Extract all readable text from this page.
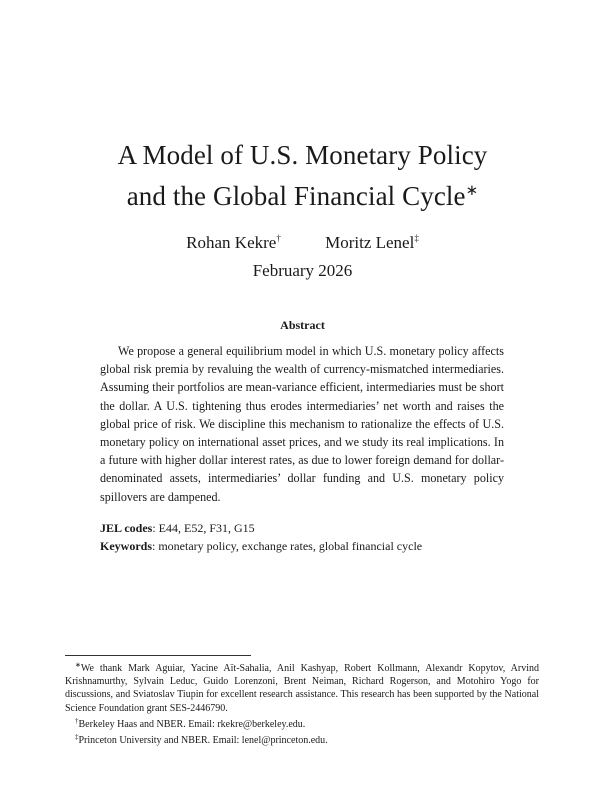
A Model of U.S. Monetary Policy
and the Global Financial Cycle∗
Rohan Kekre†	Moritz Lenel‡
February 2026
Abstract
We propose a general equilibrium model in which U.S. monetary policy affects global risk premia by revaluing the wealth of currency-mismatched intermediaries. Assuming their portfolios are mean-variance efficient, intermediaries must be short the dollar. A U.S. tightening thus erodes intermediaries’ net worth and raises the global price of risk. We discipline this mechanism to rationalize the effects of U.S. monetary policy on international asset prices, and we study its real implications. In a future with higher dollar interest rates, as due to lower foreign demand for dollar-denominated assets, intermediaries’ dollar funding and U.S. monetary policy spillovers are dampened.
JEL codes: E44, E52, F31, G15
Keywords: monetary policy, exchange rates, global financial cycle
∗We thank Mark Aguiar, Yacine Aït-Sahalia, Anil Kashyap, Robert Kollmann, Alexandr Kopytov, Arvind Krishnamurthy, Sylvain Leduc, Guido Lorenzoni, Brent Neiman, Richard Rogerson, and Motohiro Yogo for discussions, and Sviatoslav Tiupin for excellent research assistance. This research has been supported by the National Science Foundation grant SES-2446790.
†Berkeley Haas and NBER. Email: rkekre@berkeley.edu.
‡Princeton University and NBER. Email: lenel@princeton.edu.
